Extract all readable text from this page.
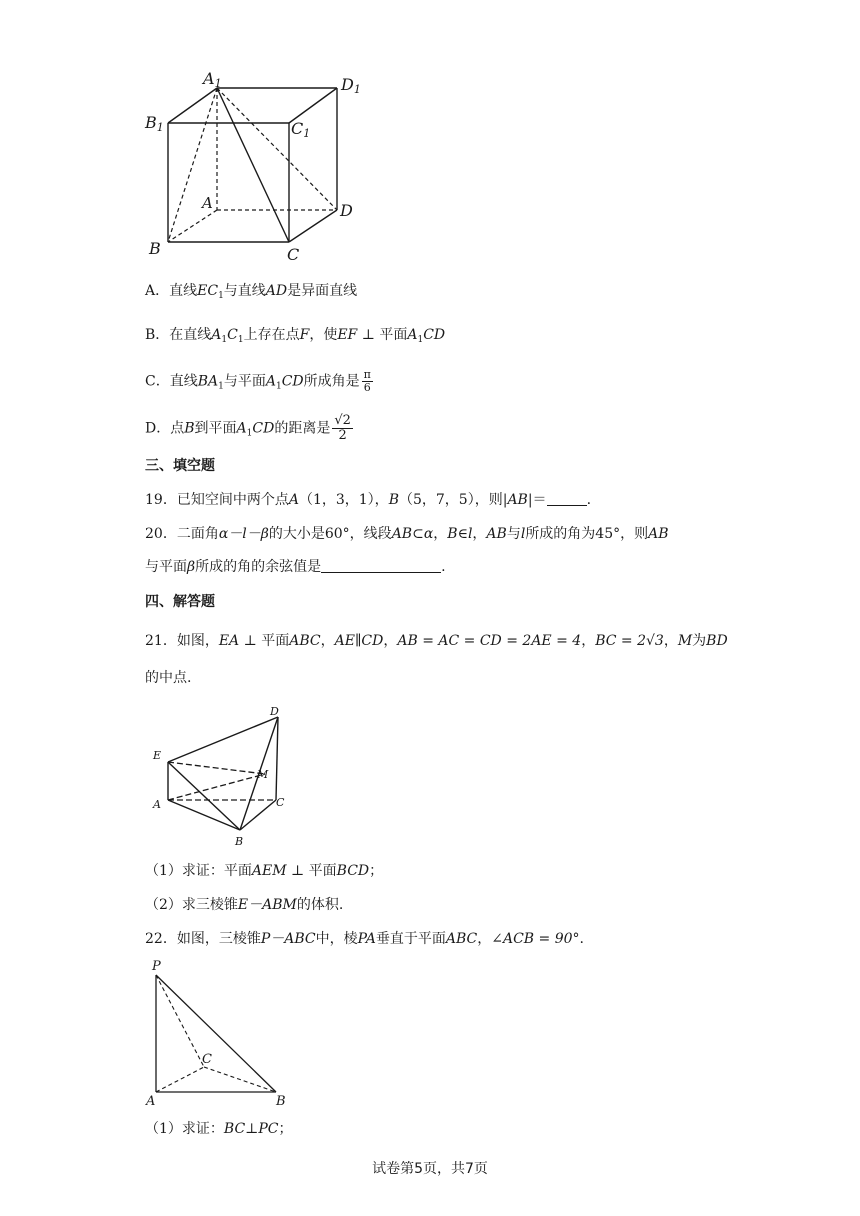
A1	D1
B1	C1
A	D
B	C
A．直线$EC_1$与直线AD是异面直线
B．在直线$A_1C_1$上存在点F，使EF ⊥ 平面$A_1CD$
C．直线$BA_1$与平面$A_1CD$所成角是 $\frac{\pi}{6}$
D．点B到平面$A_1CD$的距离是 $\frac{√2}{2}$
三、填空题
19．已知空间中两个点A（1，3，1），B（5，7，5），则|AB|＝	.
20．二面角α－l－β的大小是60°，线段AB⊂α，B∈l，AB与l所成的角为45°，则AB
与平面β所成的角的余弦值是	.
四、解答题
21．如图，EA ⊥ 平面ABC，AE∥CD，AB = AC = CD = 2AE = 4，BC = 2√3，M为BD
的中点.
E
D
M
A	C
B
（1）求证：平面AEM ⊥ 平面BCD；
（2）求三棱锥E－ABM的体积.
22．如图，三棱锥P－ABC中，棱PA垂直于平面ABC，∠ACB = 90°.
P
C
A	B
（1）求证：BC⊥PC；
试卷第5页，共7页
